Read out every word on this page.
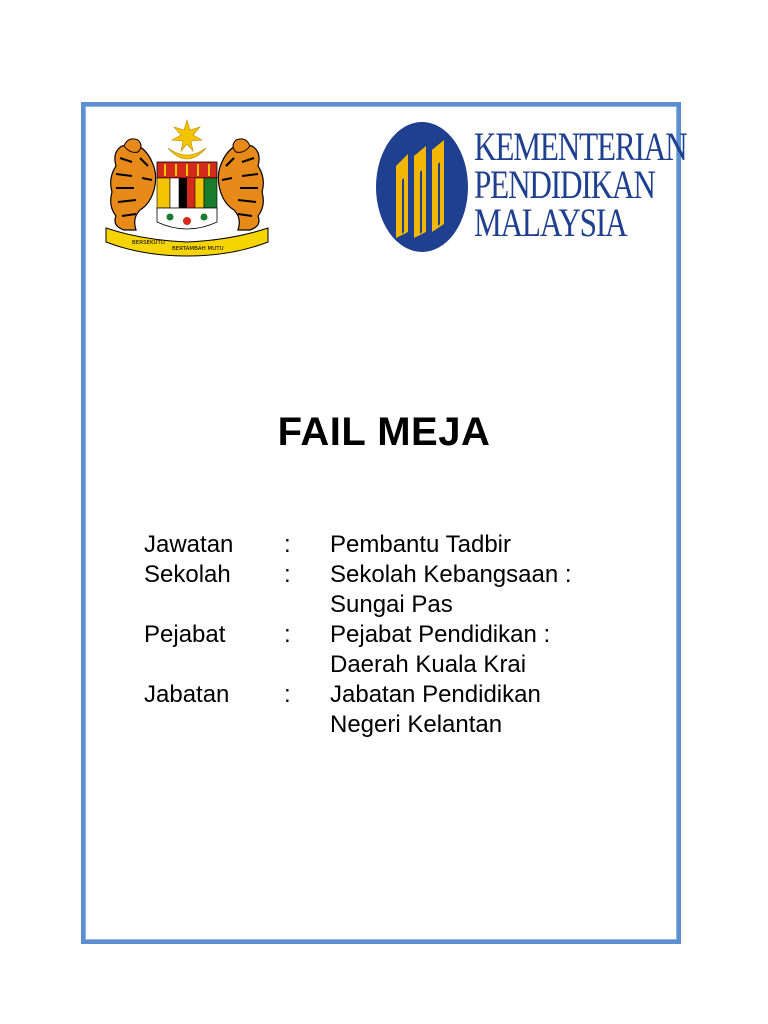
BERSEKUTU
BERTAMBAH MUTU
KEMENTERIAN
PENDIDIKAN
MALAYSIA
FAIL MEJA
Jawatan	:	Pembantu Tadbir
Sekolah	:	Sekolah Kebangsaan :
Sungai Pas
Pejabat	:	Pejabat Pendidikan :
Daerah Kuala Krai
Jabatan	:	Jabatan Pendidikan
Negeri Kelantan
